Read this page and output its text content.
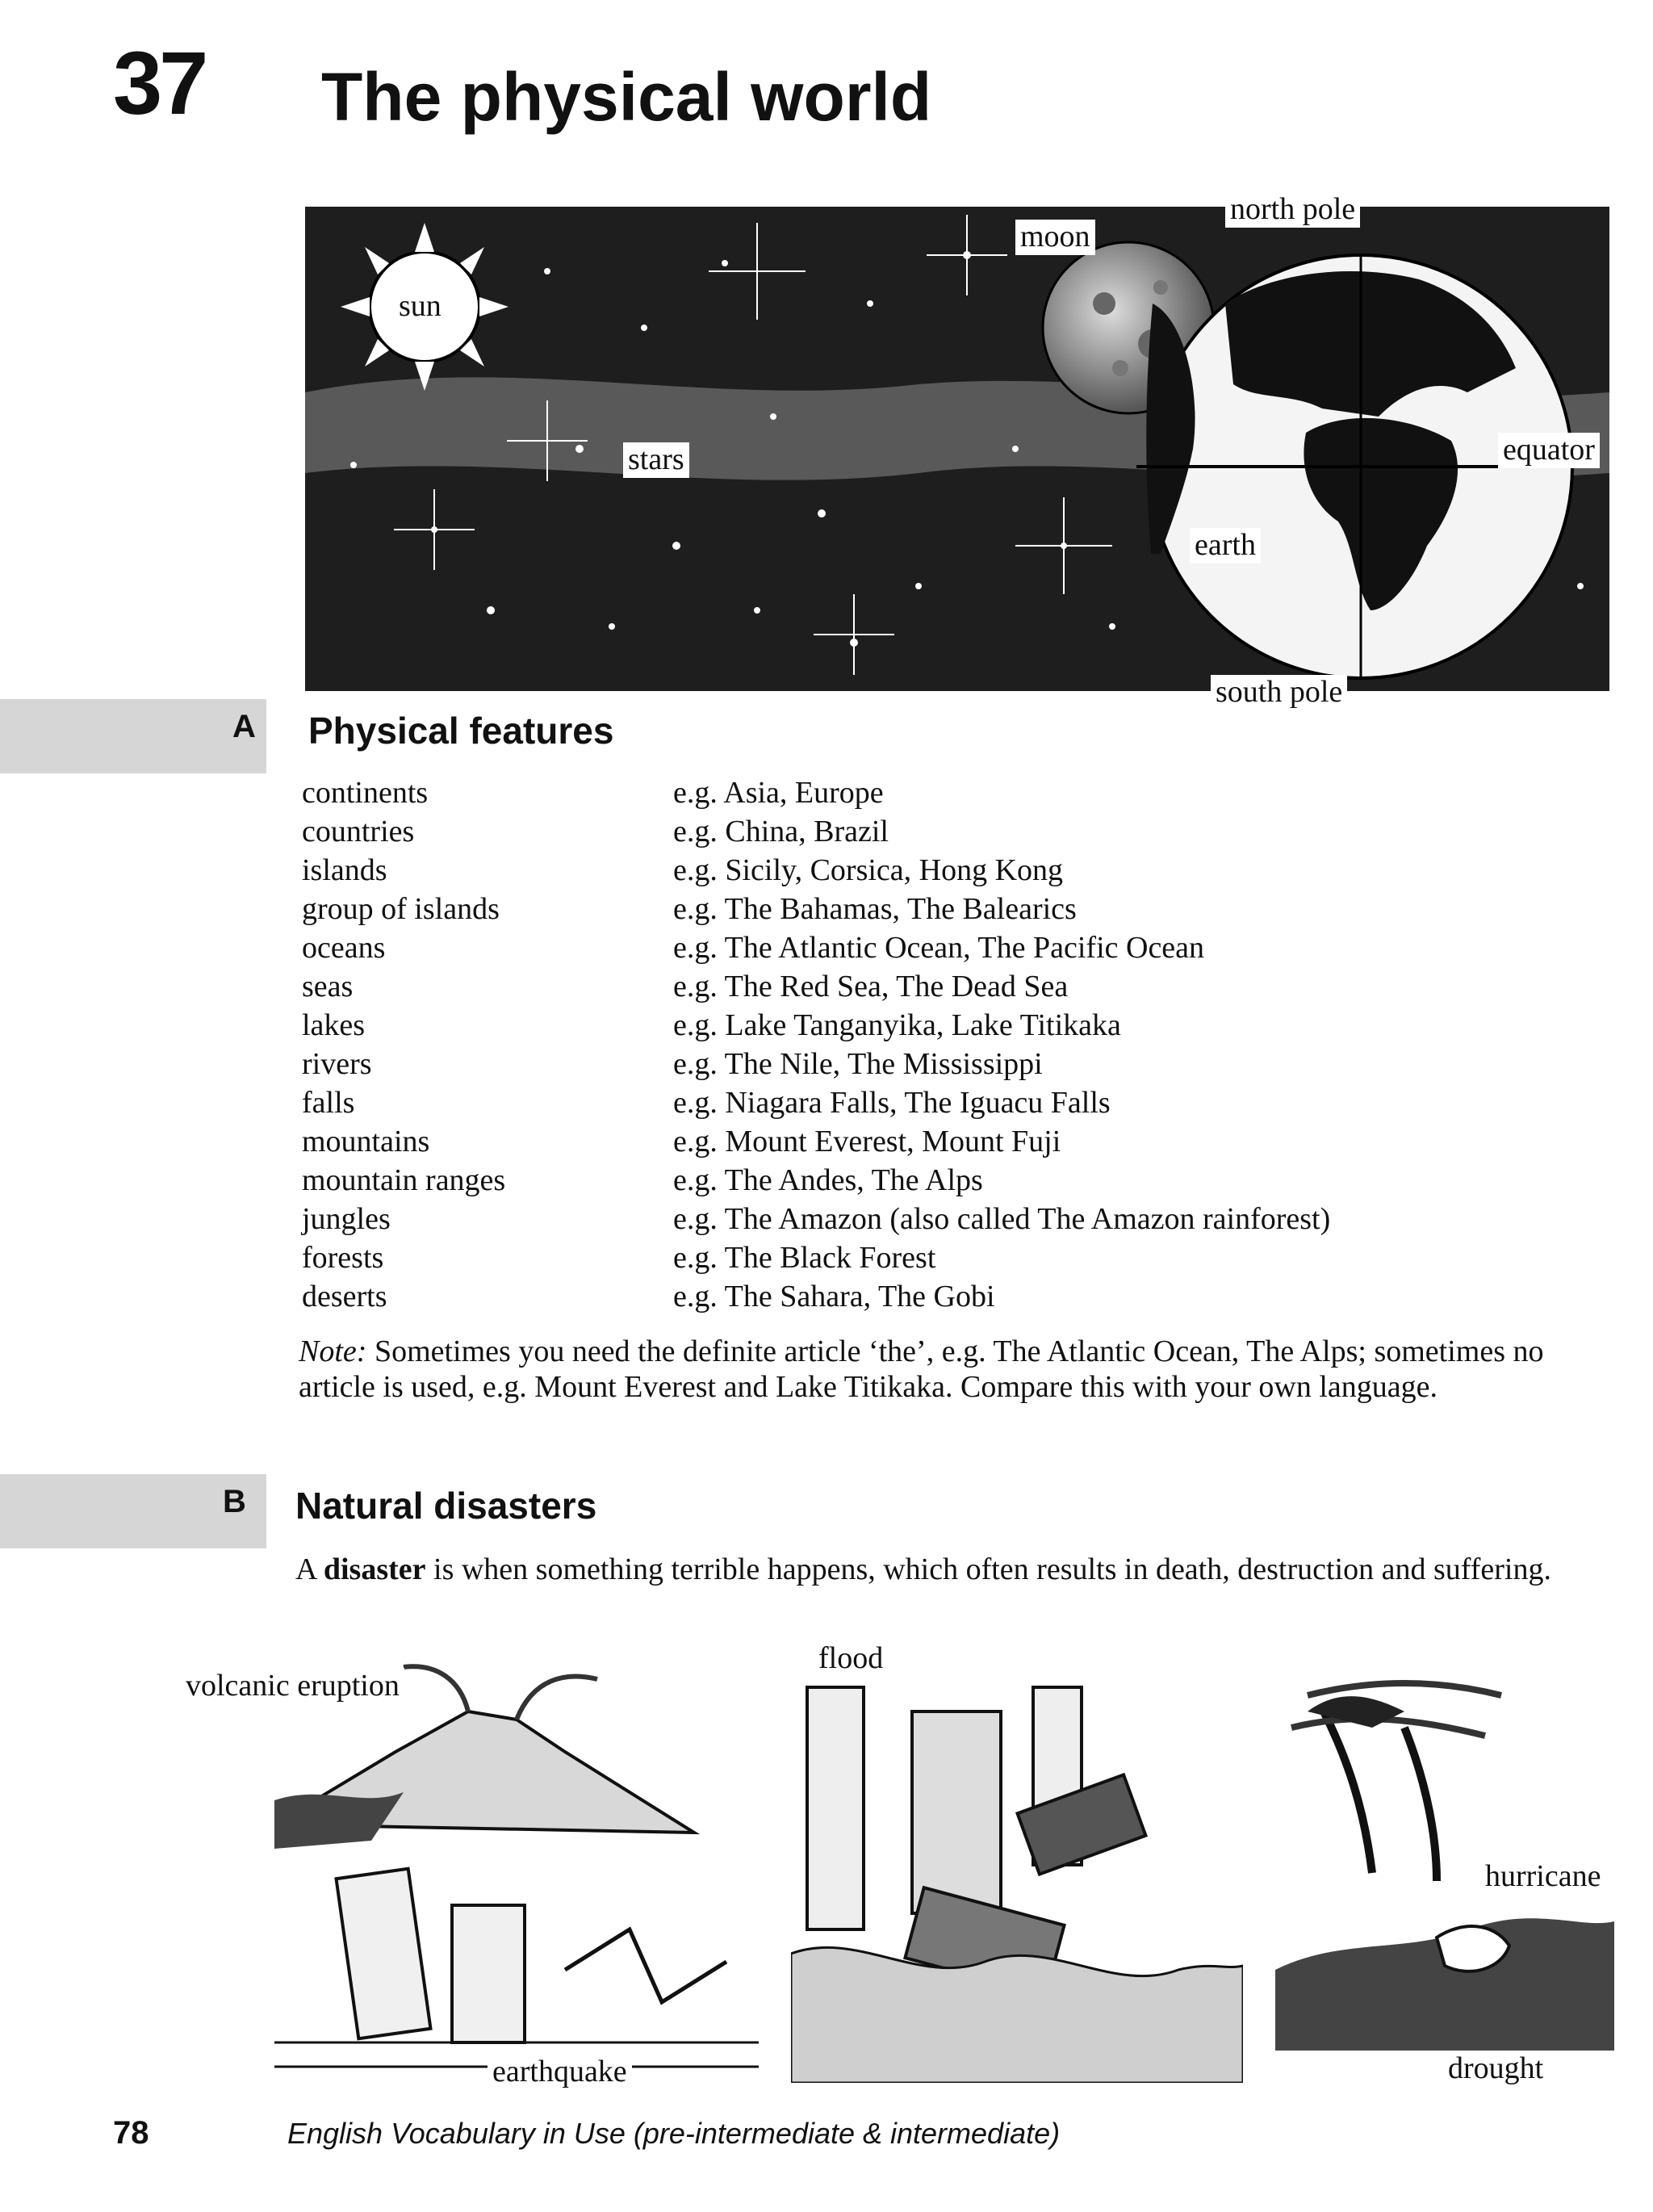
37 The physical world
sun
moon
north pole
stars	equator
earth
south pole
A Physical features
continents	e.g. Asia, Europe
countries	e.g. China, Brazil
islands	e.g. Sicily, Corsica, Hong Kong
group of islands	e.g. The Bahamas, The Balearics
oceans	e.g. The Atlantic Ocean, The Pacific Ocean
seas	e.g. The Red Sea, The Dead Sea
lakes	e.g. Lake Tanganyika, Lake Titikaka
rivers	e.g. The Nile, The Mississippi
falls	e.g. Niagara Falls, The Iguacu Falls
mountains	e.g. Mount Everest, Mount Fuji
mountain ranges	e.g. The Andes, The Alps
jungles	e.g. The Amazon (also called The Amazon rainforest)
forests	e.g. The Black Forest
deserts	e.g. The Sahara, The Gobi
Note: Sometimes you need the definite article ‘the’, e.g. The Atlantic Ocean, The Alps; sometimes no article is used, e.g. Mount Everest and Lake Titikaka. Compare this with your own language.
B Natural disasters
A disaster is when something terrible happens, which often results in death, destruction and suffering.
volcanic eruption
flood
hurricane
earthquake	drought
78	English Vocabulary in Use (pre-intermediate & intermediate)
